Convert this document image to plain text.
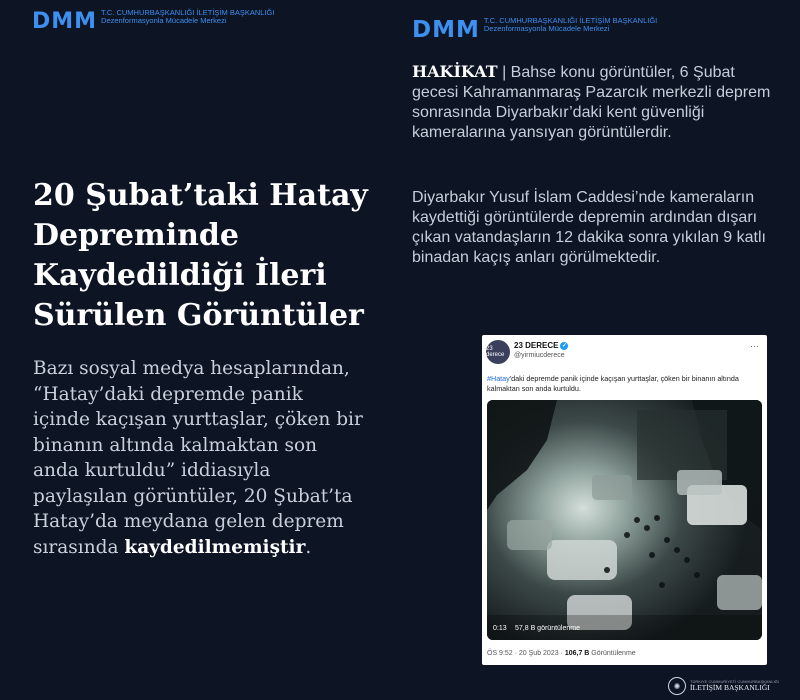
DMM T.C. CUMHURBAŞKANLIĞI İLETİŞİM BAŞKANLIĞI
Dezenformasyonla Mücadele Merkezi	DMM T.C. CUMHURBAŞKANLIĞI İLETİŞİM BAŞKANLIĞI
Dezenformasyonla Mücadele Merkezi
20 Şubat’taki Hatay Depreminde Kaydedildiği İleri Sürülen Görüntüler

Bazı sosyal medya hesaplarından, “Hatay’daki depremde panik içinde kaçışan yurttaşlar, çöken bir binanın altında kalmaktan son anda kurtuldu” iddiasıyla paylaşılan görüntüler, 20 Şubat’ta Hatay’da meydana gelen deprem sırasında kaydedilmemiştir.

HAKİKAT | Bahse konu görüntüler, 6 Şubat gecesi Kahramanmaraş Pazarcık merkezli deprem sonrasında Diyarbakır’daki kent güvenliği kameralarına yansıyan görüntülerdir.

Diyarbakır Yusuf İslam Caddesi’nde kameraların kaydettiği görüntülerde depremin ardından dışarı çıkan vatandaşların 12 dakika sonra yıkılan 9 katlı binadan kaçış anları görülmektedir.

23 derece
23 DERECE ✓
@yirmiucderece
···
#Hatay'daki depremde panik içinde kaçışan yurttaşlar, çöken bir binanın altında kalmaktan son anda kurtuldu.
0:13 57,8 B görüntülenme
ÖS 9:52 · 20 Şub 2023 · 106,7 B Görüntülenme
✺
TÜRKİYE CUMHURİYETİ CUMHURBAŞKANLIĞI
İLETİŞİM BAŞKANLIĞI
